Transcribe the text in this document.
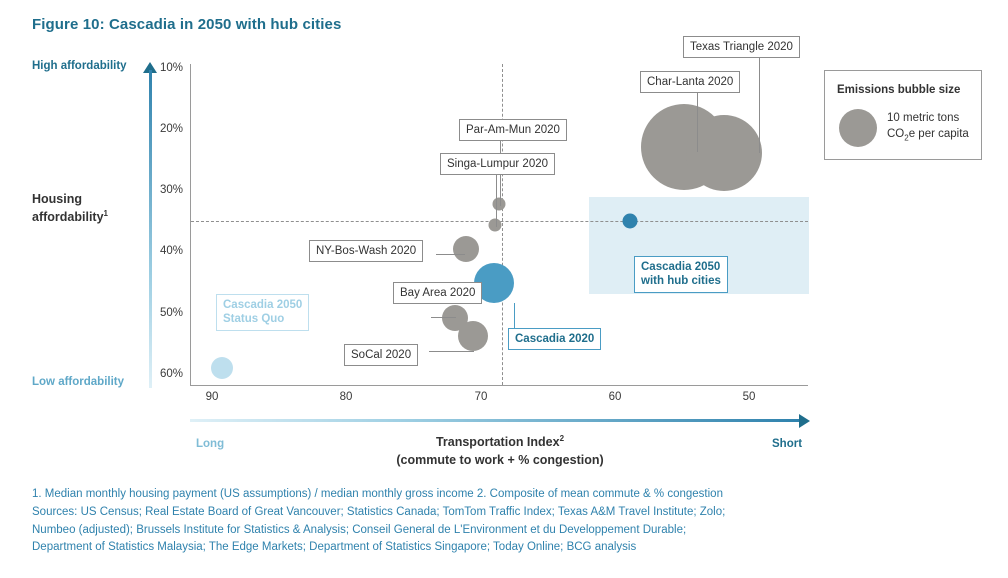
Figure 10: Cascadia in 2050 with hub cities
High affordability
Low affordability
Housing
affordability$^1$
10%
20%
30%
40%
50%
60%
90	80	70	60	50
Texas Triangle 2020
Char-Lanta 2020
Par-Am-Mun 2020
Singa-Lumpur 2020
NY-Bos-Wash 2020
Bay Area 2020
SoCal 2020
Cascadia 2020
Cascadia 2050
with hub cities
Cascadia 2050
Status Quo
Long	Short
Transportation Index$^2$
(commute to work + % congestion)
Emissions bubble size
10 metric tons
$CO_2e$ per capita
1. Median monthly housing payment (US assumptions) / median monthly gross income 2. Composite of mean commute & % congestion
Sources: US Census; Real Estate Board of Great Vancouver; Statistics Canada; TomTom Traffic Index; Texas A&M Travel Institute; Zolo;
Numbeo (adjusted); Brussels Institute for Statistics & Analysis; Conseil General de L'Environment et du Developpement Durable;
Department of Statistics Malaysia; The Edge Markets; Department of Statistics Singapore; Today Online; BCG analysis
